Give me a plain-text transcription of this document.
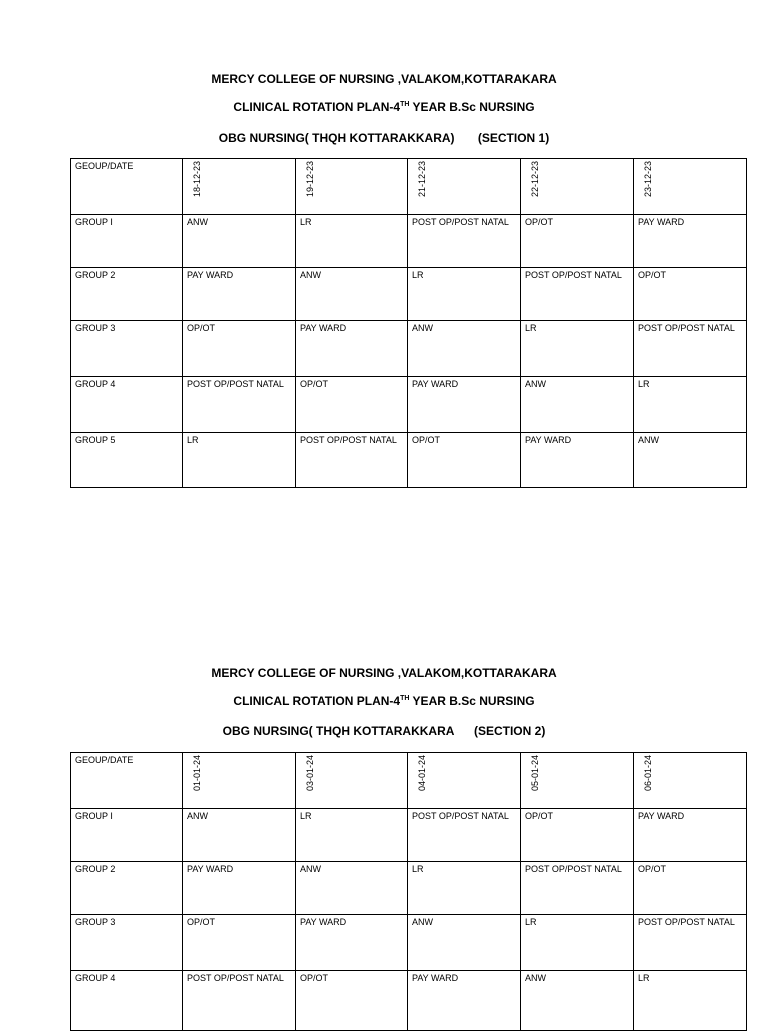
MERCY COLLEGE OF NURSING ,VALAKOM,KOTTARAKARA
CLINICAL ROTATION PLAN-4TH YEAR B.Sc NURSING
OBG NURSING( THQH KOTTARAKKARA)       (SECTION 1)
GEOUP/DATE	18-12-23	19-12-23	21-12-23	22-12-23	23-12-23

GROUP I	ANW	LR	POST OP/POST NATAL	OP/OT	PAY WARD
GROUP 2	PAY WARD	ANW	LR	POST OP/POST NATAL	OP/OT
GROUP 3	OP/OT	PAY WARD	ANW	LR	POST OP/POST NATAL
GROUP 4	POST OP/POST NATAL	OP/OT	PAY WARD	ANW	LR
GROUP 5	LR	POST OP/POST NATAL	OP/OT	PAY WARD	ANW
MERCY COLLEGE OF NURSING ,VALAKOM,KOTTARAKARA
CLINICAL ROTATION PLAN-4TH YEAR B.Sc NURSING
OBG NURSING( THQH KOTTARAKKARA      (SECTION 2)
GEOUP/DATE	01-01-24	03-01-24	04-01-24	05-01-24	06-01-24

GROUP I	ANW	LR	POST OP/POST NATAL	OP/OT	PAY WARD
GROUP 2	PAY WARD	ANW	LR	POST OP/POST NATAL	OP/OT
GROUP 3	OP/OT	PAY WARD	ANW	LR	POST OP/POST NATAL
GROUP 4	POST OP/POST NATAL	OP/OT	PAY WARD	ANW	LR
